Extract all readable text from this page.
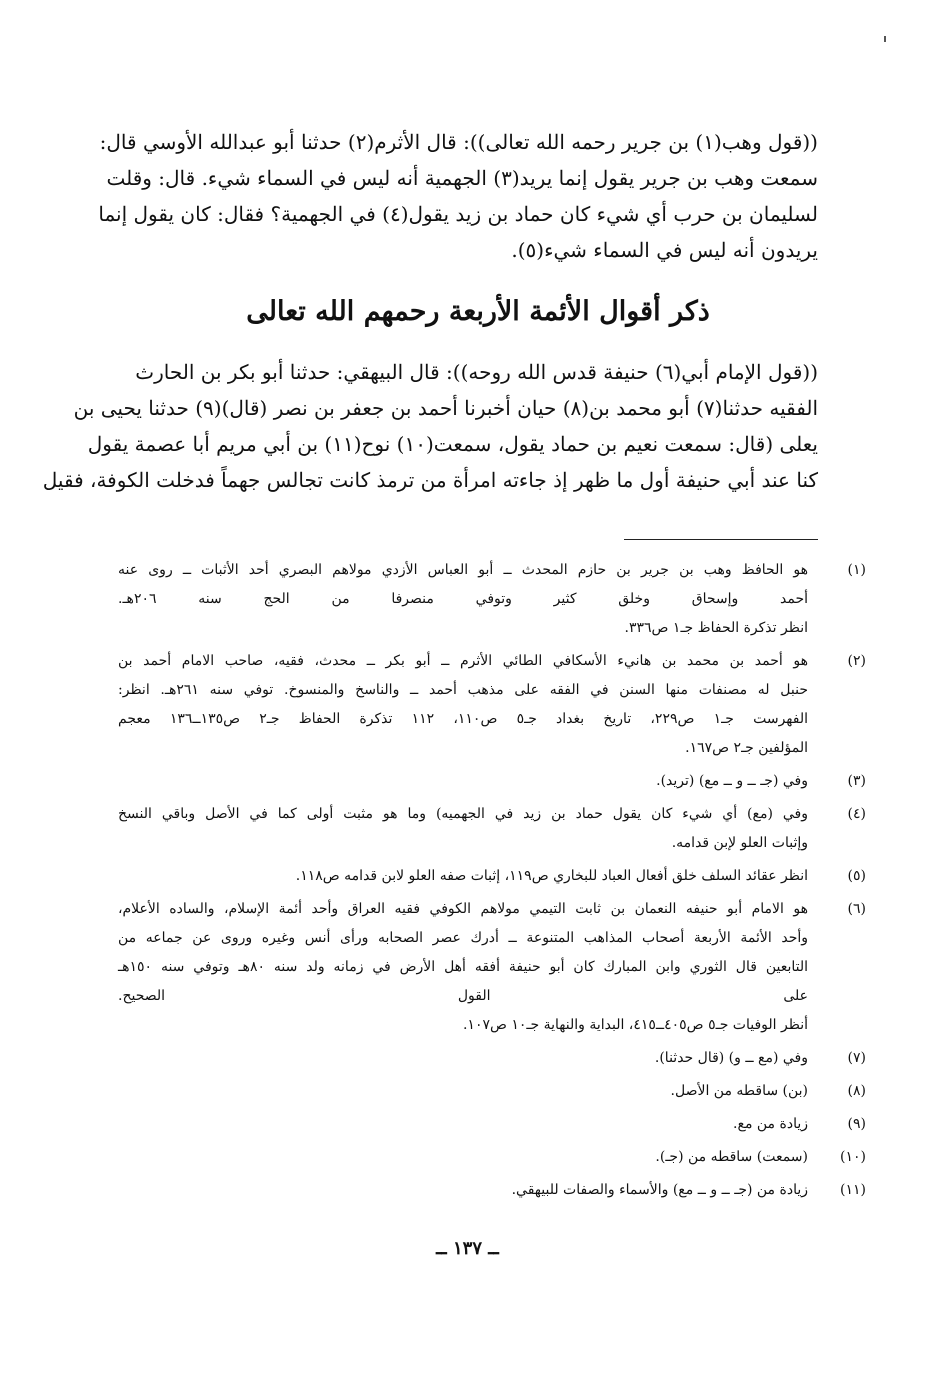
((قول وهب(١) بن جرير رحمه الله تعالى)): قال الأثرم(٢) حدثنا أبو عبدالله الأوسي قال:
سمعت وهب بن جرير يقول إنما يريد(٣) الجهمية أنه ليس في السماء شيء. قال: وقلت
لسليمان بن حرب أي شيء كان حماد بن زيد يقول(٤) في الجهمية؟ فقال: كان يقول إنما
يريدون أنه ليس في السماء شيء(٥).
ذكر أقوال الأئمة الأربعة رحمهم الله تعالى
((قول الإمام أبي(٦) حنيفة قدس الله روحه)): قال البيهقي: حدثنا أبو بكر بن الحارث
الفقيه حدثنا(٧) أبو محمد بن(٨) حيان أخبرنا أحمد بن جعفر بن نصر (قال)(٩) حدثنا يحيى بن
يعلى (قال: سمعت نعيم بن حماد يقول، سمعت(١٠) نوح(١١) بن أبي مريم أبا عصمة يقول
كنا عند أبي حنيفة أول ما ظهر إذ جاءته امرأة من ترمذ كانت تجالس جهماً فدخلت الكوفة، فقيل
(١)
هو الحافظ وهب بن جرير بن حازم المحدث ــ أبو العباس الأزدي مولاهم البصري أحد الأثبات ــ روى عنه
أحمد وإسحاق وخلق كثير وتوفي منصرفا من الحج سنه ٢٠٦هـ.
انظر تذكرة الحفاظ جـ١ ص٣٣٦.
(٢)
هو أحمد بن محمد بن هانيء الأسكافي الطائي الأثرم ــ أبو بكر ــ محدث، فقيه، صاحب الامام أحمد بن
حنبل له مصنفات منها السنن في الفقه على مذهب أحمد ــ والناسخ والمنسوخ. توفي سنه ٢٦١هـ. انظر:
الفهرست جـ١ ص٢٢٩، تاريخ بغداد جـ٥ ص١١٠، ١١٢ تذكرة الحفاظ جـ٢ ص١٣٥ــ١٣٦ معجم
المؤلفين جـ٢ ص١٦٧.
(٣)
وفي (جـ ــ و ــ مع) (تريد).
(٤)
وفي (مع) أي شيء كان يقول حماد بن زيد في الجهميه) وما هو مثبت أولى كما في الأصل وباقي النسخ
وإثبات العلو لإبن قدامه.
(٥)
انظر عقائد السلف خلق أفعال العباد للبخاري ص١١٩، إثبات صفه العلو لابن قدامه ص١١٨.
(٦)
هو الامام أبو حنيفه النعمان بن ثابت التيمي مولاهم الكوفي فقيه العراق وأحد أئمة الإسلام، والساده الأعلام،
وأحد الأئمة الأربعة أصحاب المذاهب المتنوعة ــ أدرك عصر الصحابه ورأى أنس وغيره وروى عن جماعه من
التابعين قال الثوري وابن المبارك كان أبو حنيفة أفقه أهل الأرض في زمانه ولد سنه ٨٠هـ وتوفي سنه ١٥٠هـ
على القول الصحيح.
أنظر الوفيات جـ٥ ص٤٠٥ــ٤١٥، البداية والنهاية جـ١٠ ص١٠٧.
(٧)
وفي (مع ــ و) (قال حدثنا).
(٨)
(بن) ساقطه من الأصل.
(٩)
زيادة من مع.
(١٠)
(سمعت) ساقطه من (جـ).
(١١)
زيادة من (جـ ــ و ــ مع) والأسماء والصفات للبيهقي.
ــ ١٣٧ ــ
